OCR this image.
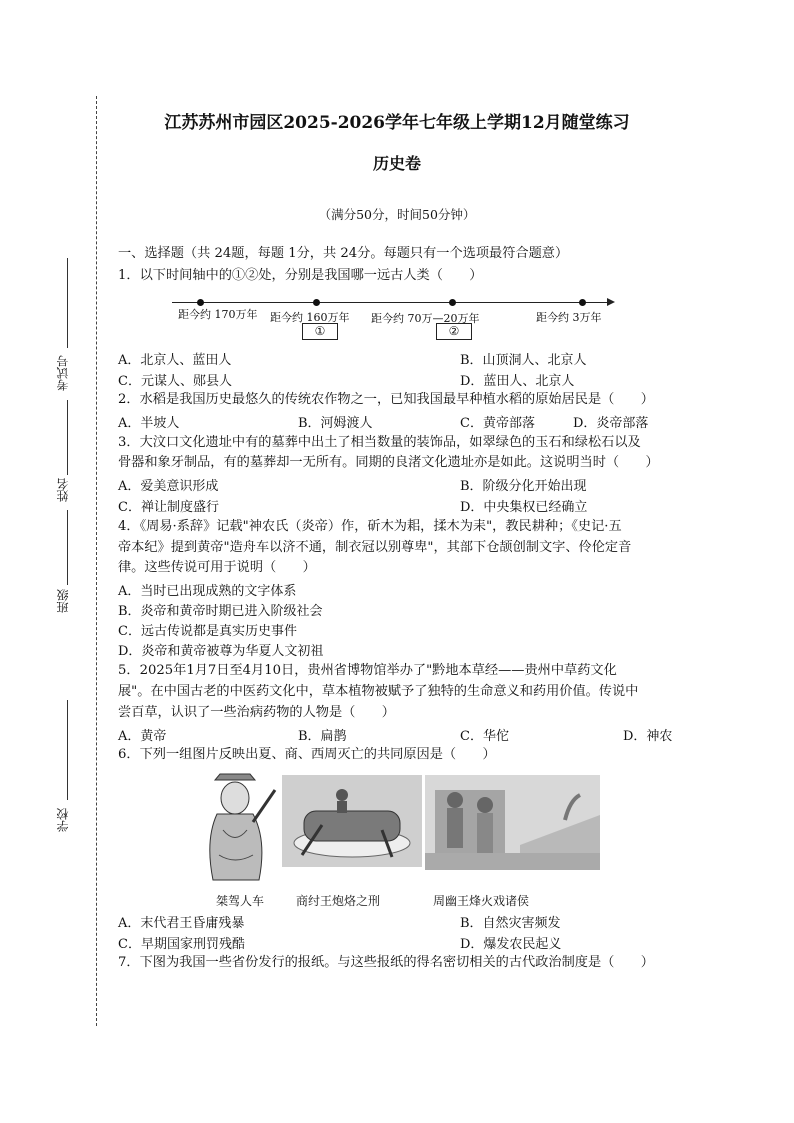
考试号
姓名
班级
学校
江苏苏州市园区2025-2026学年七年级上学期12月随堂练习
历史卷
（满分50分，时间50分钟）
一、选择题（共 24题，每题 1分，共 24分。每题只有一个选项最符合题意）
1．以下时间轴中的①②处，分别是我国哪一远古人类（　　）
距今约 170万年 距今约 160万年 距今约 70万—20万年	距今约 3万年
①	②
A．北京人、蓝田人	B．山顶洞人、北京人
C．元谋人、郧县人	D．蓝田人、北京人
2．水稻是我国历史最悠久的传统农作物之一，已知我国最早种植水稻的原始居民是（　　）
A．半坡人	B．河姆渡人	C．黄帝部落	D．炎帝部落
3．大汶口文化遗址中有的墓葬中出土了相当数量的装饰品，如翠绿色的玉石和绿松石以及
骨器和象牙制品，有的墓葬却一无所有。同期的良渚文化遗址亦是如此。这说明当时（　　）
A．爱美意识形成	B．阶级分化开始出现
C．禅让制度盛行	D．中央集权已经确立
4．《周易·系辞》记载"神农氏（炎帝）作，斫木为耜，揉木为耒"，教民耕种；《史记·五
帝本纪》提到黄帝"造舟车以济不通，制衣冠以别尊卑"，其部下仓颉创制文字、伶伦定音
律。这些传说可用于说明（　　）
A．当时已出现成熟的文字体系
B．炎帝和黄帝时期已进入阶级社会
C．远古传说都是真实历史事件
D．炎帝和黄帝被尊为华夏人文初祖
5．2025年1月7日至4月10日，贵州省博物馆举办了"黔地本草经——贵州中草药文化
展"。在中国古老的中医药文化中，草本植物被赋予了独特的生命意义和药用价值。传说中
尝百草，认识了一些治病药物的人物是（　　）
A．黄帝	B．扁鹊	C．华佗	D．神农
6．下列一组图片反映出夏、商、西周灭亡的共同原因是（　　）
桀驾人车	商纣王炮烙之刑	周幽王烽火戏诸侯
A．末代君王昏庸残暴	B．自然灾害频发
C．早期国家刑罚残酷	D．爆发农民起义
7．下图为我国一些省份发行的报纸。与这些报纸的得名密切相关的古代政治制度是（　　）
